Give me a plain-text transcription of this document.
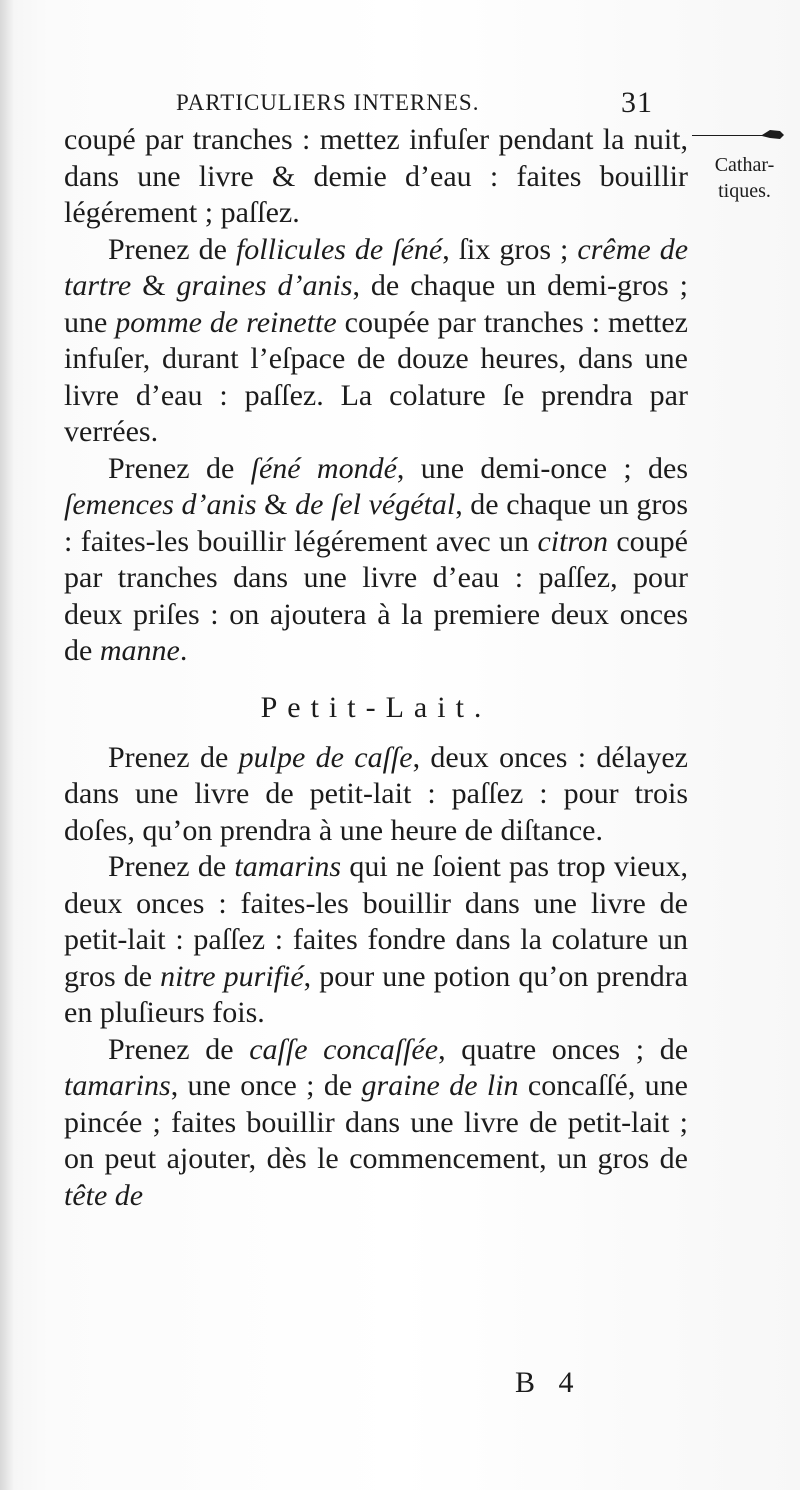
PARTICULIERS INTERNES.	31
Cathar-
tiques.

coupé par tranches : mettez infuſer pendant la nuit, dans une livre & demie d’eau : faites bouillir légérement ; paſſez.

Prenez de follicules de ſéné, ſix gros ; crême de tartre & graines d’anis, de chaque un demi-gros ; une pomme de reinette coupée par tranches : mettez infuſer, durant l’eſpace de douze heures, dans une livre d’eau : paſſez. La colature ſe prendra par verrées.

Prenez de ſéné mondé, une demi-once ; des ſemences d’anis & de ſel végétal, de chaque un gros : faites-les bouillir légérement avec un citron coupé par tranches dans une livre d’eau : paſſez, pour deux priſes : on ajoutera à la premiere deux onces de manne.

Petit-Lait.

Prenez de pulpe de caſſe, deux onces : délayez dans une livre de petit-lait : paſſez : pour trois doſes, qu’on prendra à une heure de diſtance.

Prenez de tamarins qui ne ſoient pas trop vieux, deux onces : faites-les bouillir dans une livre de petit-lait : paſſez : faites fondre dans la colature un gros de nitre purifié, pour une potion qu’on prendra en pluſieurs fois.

Prenez de caſſe concaſſée, quatre onces ; de tamarins, une once ; de graine de lin concaſſé, une pincée ; faites bouillir dans une livre de petit-lait ; on peut ajouter, dès le commencement, un gros de tête de

B 4
